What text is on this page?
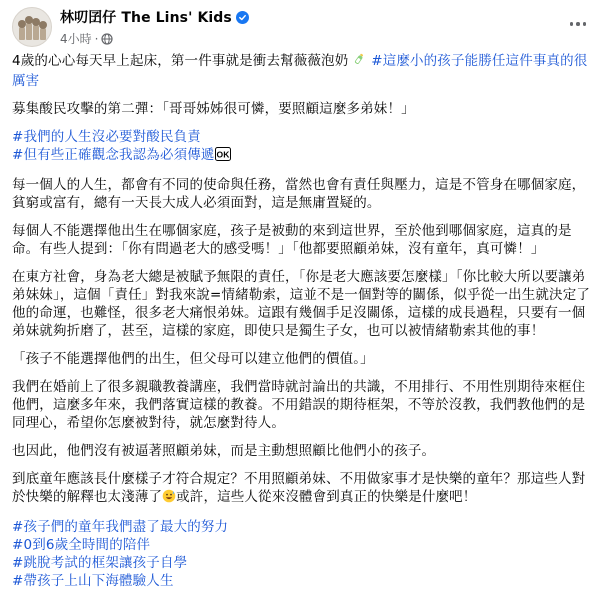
林叨囝仔 The Lins' Kids
4小時 ·
4歲的心心每天早上起床，第一件事就是衝去幫薇薇泡奶 #這麼小的孩子能勝任這件事真的很厲害
募集酸民攻擊的第二彈：「哥哥姊姊很可憐，要照顧這麼多弟妹！」
#我們的人生沒必要對酸民負責
#但有些正確觀念我認為必須傳遞 OK
每一個人的人生，都會有不同的使命與任務，當然也會有責任與壓力，這是不管身在哪個家庭，貧窮或富有，總有一天長大成人必須面對，這是無庸置疑的。
每個人不能選擇他出生在哪個家庭，孩子是被動的來到這世界，至於他到哪個家庭，這真的是命。有些人提到：「你有問過老大的感受嗎！」「他都要照顧弟妹，沒有童年，真可憐！」
在東方社會，身為老大總是被賦予無限的責任，「你是老大應該要怎麼樣」「你比較大所以要讓弟弟妹妹」，這個「責任」對我來說=情緒勒索，這並不是一個對等的關係，似乎從一出生就決定了他的命運，也難怪，很多老大痛恨弟妹。這跟有幾個手足沒關係，這樣的成長過程，只要有一個弟妹就夠折磨了，甚至，這樣的家庭，即使只是獨生子女，也可以被情緒勒索其他的事！
「孩子不能選擇他們的出生，但父母可以建立他們的價值。」
我們在婚前上了很多親職教養講座，我們當時就討論出的共識，不用排行、不用性別期待來框住他們，這麼多年來，我們落實這樣的教養。不用錯誤的期待框架，不等於沒教，我們教他們的是同理心，希望你怎麼被對待，就怎麼對待人。
也因此，他們沒有被逼著照顧弟妹，而是主動想照顧比他們小的孩子。
到底童年應該長什麼樣子才符合規定？不用照顧弟妹、不用做家事才是快樂的童年？那這些人對於快樂的解釋也太淺薄了 或許，這些人從來沒體會到真正的快樂是什麼吧！
#孩子們的童年我們盡了最大的努力
#0到6歲全時間的陪伴
#跳脫考試的框架讓孩子自學
#帶孩子上山下海體驗人生
